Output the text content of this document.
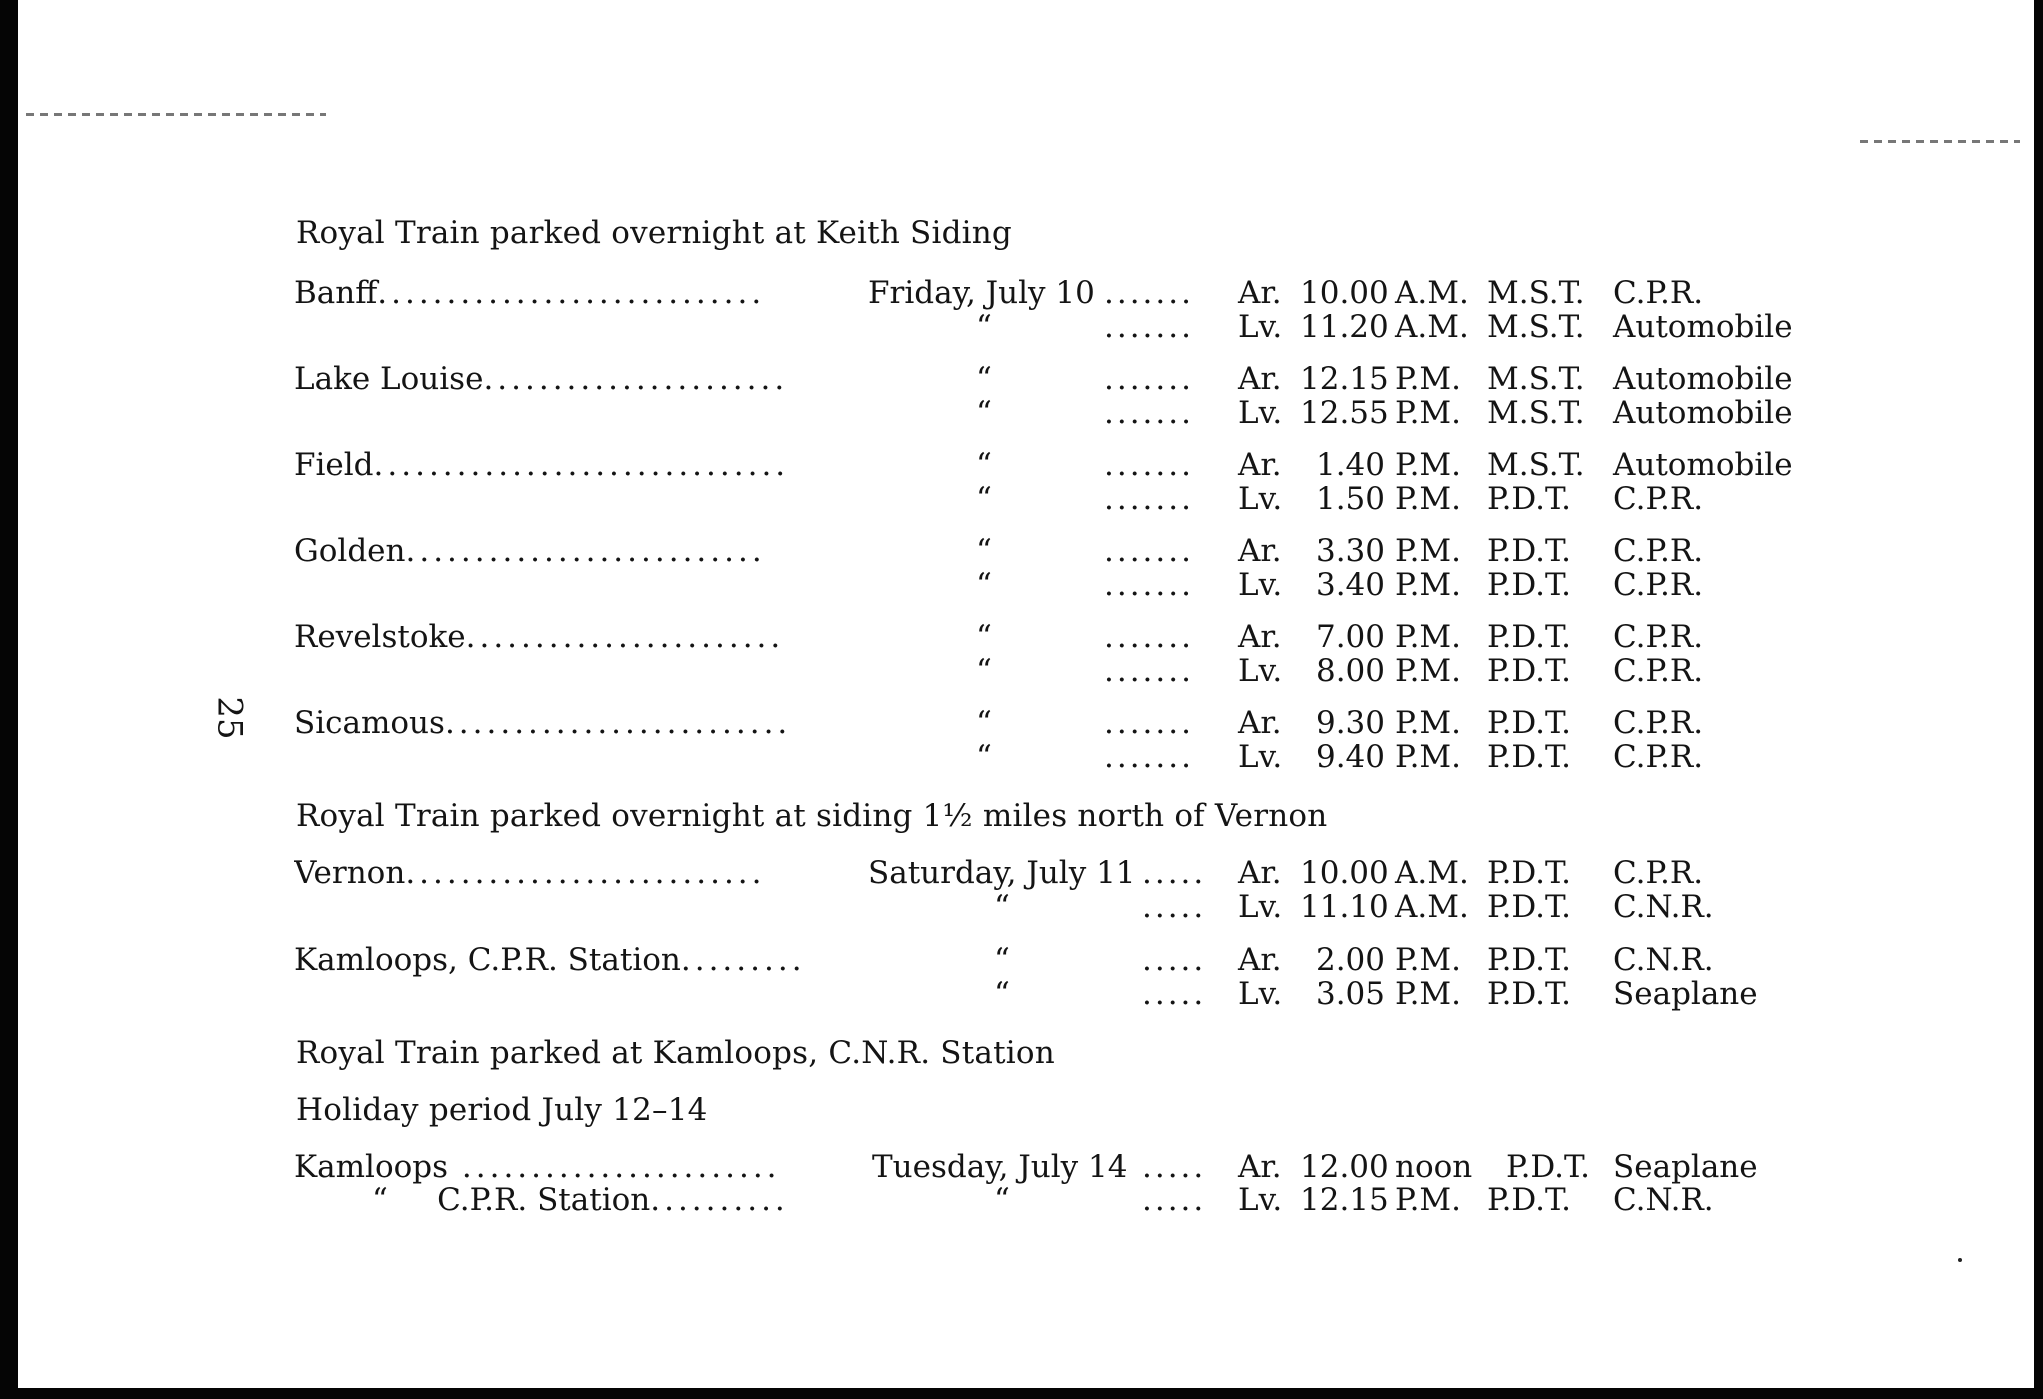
25
Royal Train parked overnight at Keith Siding
Banff............................	Friday, July 10 ....... Ar. 10.00 A.M. M.S.T. C.P.R.
“	....... Lv. 11.20 A.M. M.S.T. Automobile
Lake Louise......................	“	....... Ar. 12.15 P.M. M.S.T. Automobile
“	....... Lv. 12.55 P.M. M.S.T. Automobile
Field..............................	“	....... Ar.	1.40 P.M. M.S.T. Automobile
“	....... Lv.	1.50 P.M. P.D.T. C.P.R.
Golden..........................	“	....... Ar.	3.30 P.M. P.D.T. C.P.R.
“	....... Lv.	3.40 P.M. P.D.T. C.P.R.
Revelstoke.......................	“	....... Ar.	7.00 P.M. P.D.T. C.P.R.
“	....... Lv.	8.00 P.M. P.D.T. C.P.R.
Sicamous.........................	“	....... Ar.	9.30 P.M. P.D.T. C.P.R.
“	....... Lv.	9.40 P.M. P.D.T. C.P.R.
Royal Train parked overnight at siding 1½ miles north of Vernon
Vernon..........................	Saturday, July 11 ..... Ar. 10.00 A.M. P.D.T. C.P.R.
“	..... Lv. 11.10 A.M. P.D.T. C.N.R.
Kamloops, C.P.R. Station.........	“	..... Ar.	2.00 P.M. P.D.T. C.N.R.
“	..... Lv.	3.05 P.M. P.D.T. Seaplane
Royal Train parked at Kamloops, C.N.R. Station
Holiday period July 12–14
Kamloops .......................	Tuesday, July 14 ..... Ar. 12.00 noon P.D.T. Seaplane
“     C.P.R. Station..........	“	..... Lv. 12.15 P.M. P.D.T. C.N.R.
